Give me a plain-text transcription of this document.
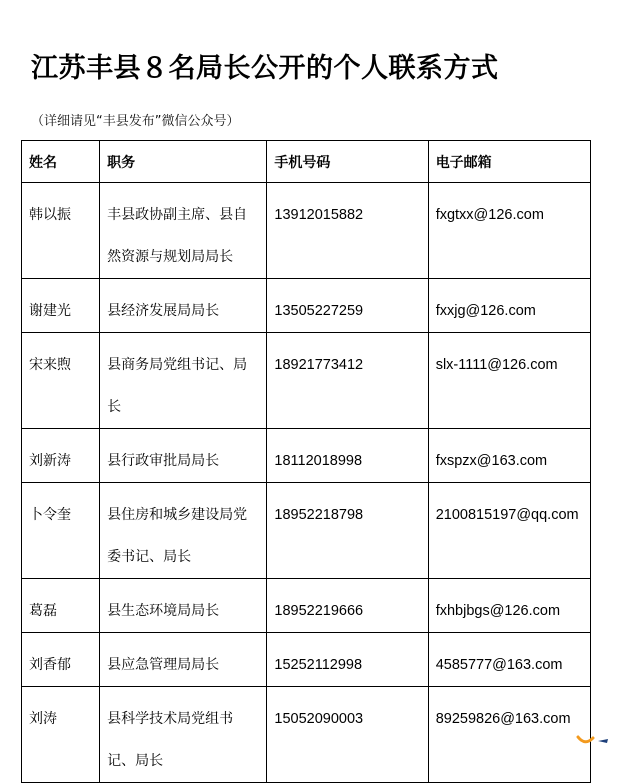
江苏丰县８名局长公开的个人联系方式
（详细请见“丰县发布”微信公众号）
姓名	职务	手机号码	电子邮箱
韩以振	丰县政协副主席、县自然资源与规划局局长	13912015882	fxgtxx@126.com
谢建光	县经济发展局局长	13505227259	fxxjg@126.com
宋来煦	县商务局党组书记、局长	18921773412	slx-1111@126.com
刘新涛	县行政审批局局长	18112018998	fxspzx@163.com
卜令奎	县住房和城乡建设局党委书记、局长	18952218798	2100815197@qq.com
葛磊	县生态环境局局长	18952219666	fxhbjbgs@126.com
刘香郁	县应急管理局局长	15252112998	4585777@163.com
刘涛	县科学技术局党组书记、局长	15052090003	89259826@163.com
